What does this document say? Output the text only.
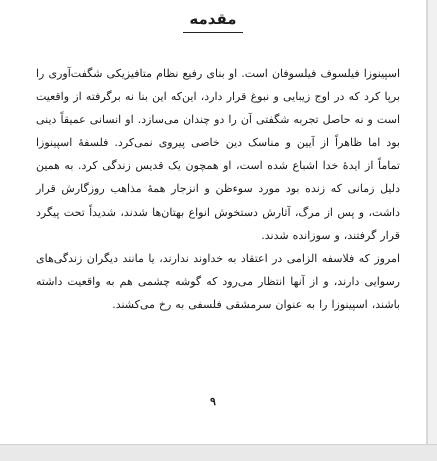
مقدمه

اسپینوزا فیلسوف فیلسوفان است. او بنای رفیع نظام متافیزیکی شگفت‌آوری را برپا کرد که در اوج زیبایی و نبوغ قرار دارد، این‌که این بنا نه برگرفته از واقعیت است و نه حاصل تجربه شگفتی آن را دو چندان می‌سازد. او انسانی عمیقاً دینی بود اما ظاهراً از آیین و مناسک دین خاصی پیروی نمی‌کرد. فلسفهٔ اسپینوزا تماماً از ایدهٔ خدا اشباع شده است، او همچون یک قدیس زندگی کرد. به همین دلیل زمانی که زنده بود مورد سوءظن و انزجار همهٔ مذاهب روزگارش قرار داشت، و پس از مرگ، آثارش دستخوش انواع بهتان‌ها شدند، شدیداً تحت پیگرد قرار گرفتند، و سوزانده شدند.

امروز که فلاسفه الزامی در اعتقاد به خداوند ندارند، یا مانند دیگران زندگی‌های رسوایی دارند، و از آنها انتظار می‌رود که گوشه چشمی هم به واقعیت داشته باشند، اسپینوزا را به عنوان سرمشقی فلسفی به رخ می‌کشند.

۹
